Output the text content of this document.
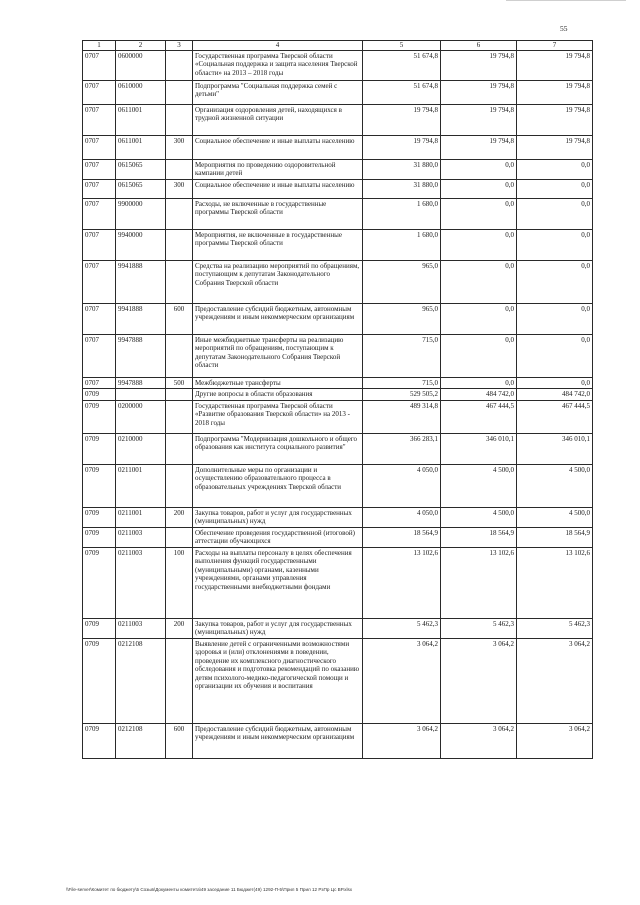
55
1	2	3	4	5	6	7
0707	0600000		Государственная программа Тверской области «Социальная поддержка и защита населения Тверской области» на 2013 – 2018 годы	51 674,8	19 794,8	19 794,8
0707	0610000		Подпрограмма "Социальная поддержка семей с детьми"	51 674,8	19 794,8	19 794,8
0707	0611001		Организация оздоровления детей, находящихся в трудной жизненной ситуации	19 794,8	19 794,8	19 794,8
0707	0611001	300	Социальное обеспечение и иные выплаты населению	19 794,8	19 794,8	19 794,8
0707	0615065		Мероприятия по проведению оздоровительной кампании детей	31 880,0	0,0	0,0
0707	0615065	300	Социальное обеспечение и иные выплаты населению	31 880,0	0,0	0,0
0707	9900000		Расходы, не включенные в государственные программы Тверской области	1 680,0	0,0	0,0
0707	9940000		Мероприятия, не включенные в государственные программы Тверской области	1 680,0	0,0	0,0
0707	9941888		Средства на реализацию мероприятий по обращениям, поступающим к депутатам Законодательного Собрания Тверской области	965,0	0,0	0,0
0707	9941888	600	Предоставление субсидий бюджетным, автономным учреждениям и иным некоммерческим организациям	965,0	0,0	0,0
0707	9947888		Иные межбюджетные трансферты на реализацию мероприятий по обращениям, поступающим к депутатам Законодательного Собрания Тверской области	715,0	0,0	0,0
0707	9947888	500	Межбюджетные трансферты	715,0	0,0	0,0
0709			Другие вопросы в области образования	529 505,2	484 742,0	484 742,0
0709	0200000		Государственная программа Тверской области «Развитие образования Тверской области» на 2013 - 2018 годы	489 314,8	467 444,5	467 444,5
0709	0210000		Подпрограмма "Модернизация дошкольного и общего образования как института социального развития"	366 283,1	346 010,1	346 010,1
0709	0211001		Дополнительные меры по организации и осуществлению образовательного процесса в образовательных учреждениях Тверской области	4 050,0	4 500,0	4 500,0
0709	0211001	200	Закупка товаров, работ и услуг для государственных (муниципальных) нужд	4 050,0	4 500,0	4 500,0
0709	0211003		Обеспечение проведения государственной (итоговой) аттестации обучающихся	18 564,9	18 564,9	18 564,9
0709	0211003	100	Расходы на выплаты персоналу в целях обеспечения выполнения функций государственными (муниципальными) органами, казенными учреждениями, органами управления государственными внебюджетными фондами	13 102,6	13 102,6	13 102,6
0709	0211003	200	Закупка товаров, работ и услуг для государственных (муниципальных) нужд	5 462,3	5 462,3	5 462,3
0709	0212108		Выявление детей с ограниченными возможностями здоровья и (или) отклонениями в поведении, проведение их комплексного диагностического обследования и подготовка рекомендаций по оказанию детям психолого-медико-педагогической помощи и организации их обучения и воспитания	3 064,2	3 064,2	3 064,2
0709	0212108	600	Предоставление субсидий бюджетным, автономным учреждениям и иным некоммерческим организациям	3 064,2	3 064,2	3 064,2
\\File-server\Комитет по бюджету\5 Созыв\Документы комитета\49 заседание 11 Бюджет(49) 1292-П-5\Прил 5 Прил 12 РзПр Цс ВР.xlsx
